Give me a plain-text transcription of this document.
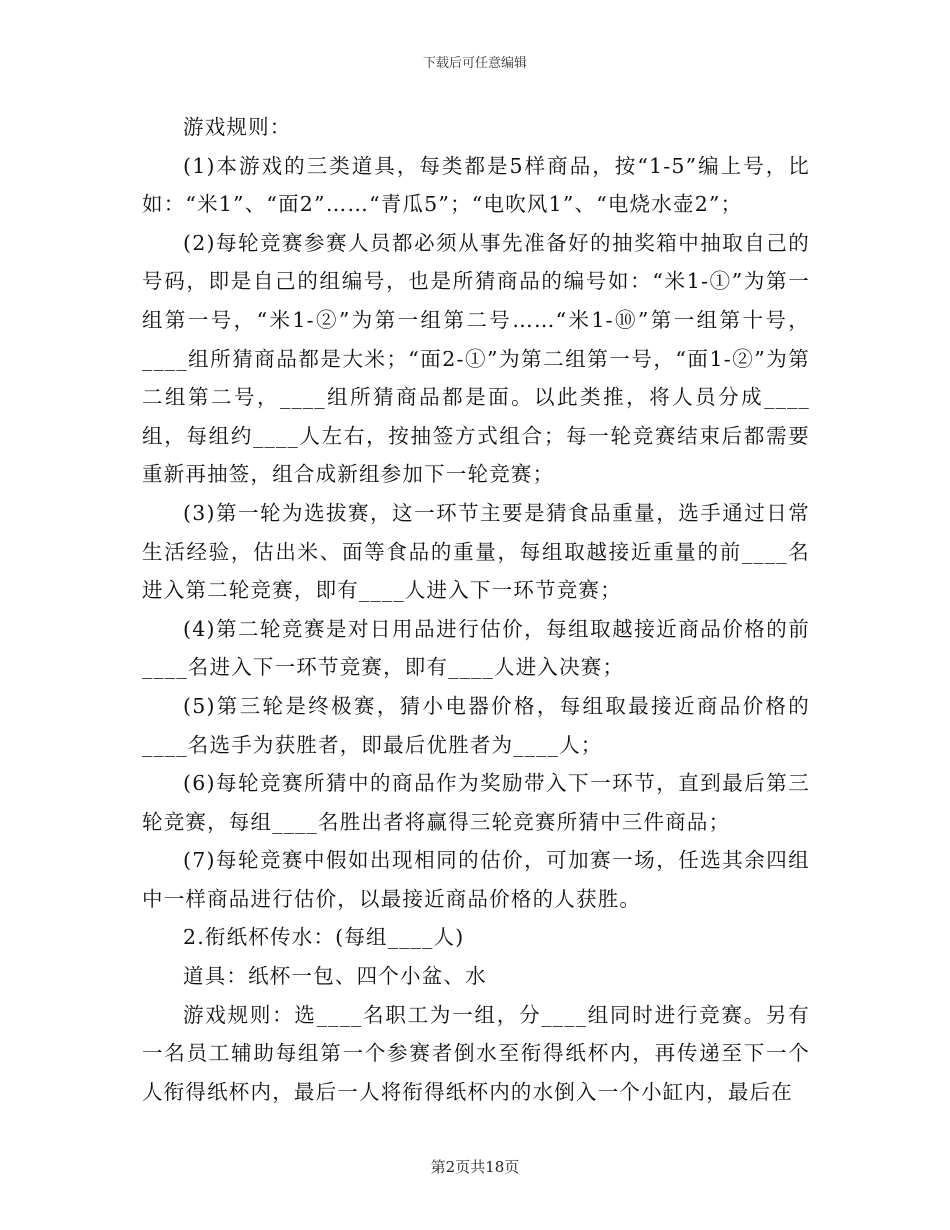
下载后可任意编辑

游戏规则：

(1)本游戏的三类道具，每类都是5样商品，按“1-5”编上号，比如：“米1”、“面2”……“青瓜5”；“电吹风1”、“电烧水壶2”；

(2)每轮竞赛参赛人员都必须从事先准备好的抽奖箱中抽取自己的号码，即是自己的组编号，也是所猜商品的编号如：“米1-①”为第一组第一号，“米1-②”为第一组第二号……“米1-⑩”第一组第十号，____组所猜商品都是大米；“面2-①”为第二组第一号，“面1-②”为第二组第二号，____组所猜商品都是面。以此类推，将人员分成____组，每组约____人左右，按抽签方式组合；每一轮竞赛结束后都需要重新再抽签，组合成新组参加下一轮竞赛；

(3)第一轮为选拔赛，这一环节主要是猜食品重量，选手通过日常生活经验，估出米、面等食品的重量，每组取越接近重量的前____名进入第二轮竞赛，即有____人进入下一环节竞赛；

(4)第二轮竞赛是对日用品进行估价，每组取越接近商品价格的前____名进入下一环节竞赛，即有____人进入决赛；

(5)第三轮是终极赛，猜小电器价格，每组取最接近商品价格的____名选手为获胜者，即最后优胜者为____人；

(6)每轮竞赛所猜中的商品作为奖励带入下一环节，直到最后第三轮竞赛，每组____名胜出者将赢得三轮竞赛所猜中三件商品；

(7)每轮竞赛中假如出现相同的估价，可加赛一场，任选其余四组中一样商品进行估价，以最接近商品价格的人获胜。

2.衔纸杯传水：(每组____人)

道具：纸杯一包、四个小盆、水

游戏规则：选____名职工为一组，分____组同时进行竞赛。另有一名员工辅助每组第一个参赛者倒水至衔得纸杯内，再传递至下一个人衔得纸杯内，最后一人将衔得纸杯内的水倒入一个小缸内，最后在

第2页共18页
